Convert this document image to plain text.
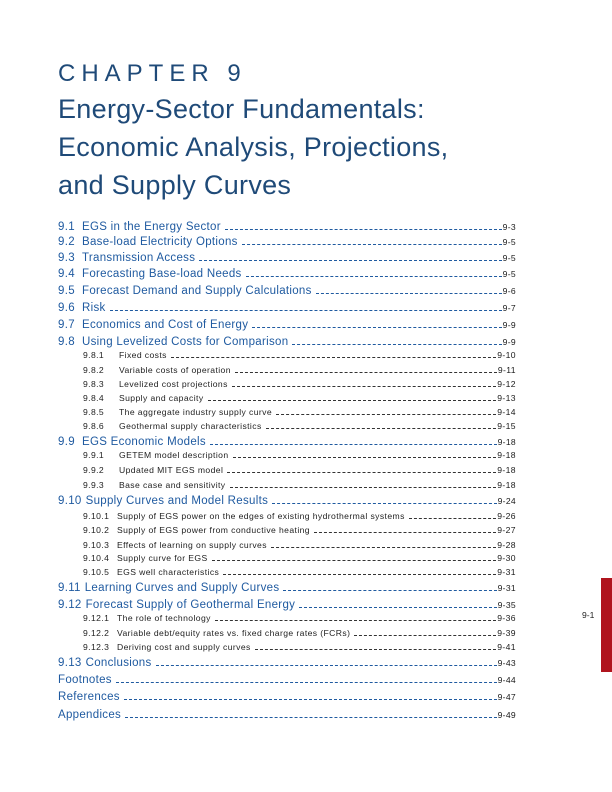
CHAPTER 9
Energy-Sector Fundamentals:
Economic Analysis, Projections,
and Supply Curves
9.1 EGS in the Energy Sector	9-3
9.2 Base-load Electricity Options	9-5
9.3 Transmission Access	9-5
9.4 Forecasting Base-load Needs	9-5
9.5 Forecast Demand and Supply Calculations	9-6
9.6 Risk	9-7
9.7 Economics and Cost of Energy	9-9
9.8 Using Levelized Costs for Comparison	9-9
9.8.1	Fixed costs	9-10
9.8.2	Variable costs of operation	9-11
9.8.3	Levelized cost projections	9-12
9.8.4	Supply and capacity	9-13
9.8.5	The aggregate industry supply curve	9-14
9.8.6	Geothermal supply characteristics	9-15
9.9 EGS Economic Models	9-18
9.9.1	GETEM model description	9-18
9.9.2	Updated MIT EGS model	9-18
9.9.3	Base case and sensitivity	9-18
9.10 Supply Curves and Model Results	9-24
9.10.1 Supply of EGS power on the edges of existing hydrothermal systems	9-26
9.10.2 Supply of EGS power from conductive heating	9-27
9.10.3 Effects of learning on supply curves	9-28
9.10.4 Supply curve for EGS	9-30
9.10.5 EGS well characteristics	9-31
9.11 Learning Curves and Supply Curves	9-31
9.12 Forecast Supply of Geothermal Energy	9-35
9.12.1 The role of technology	9-36
9.12.2 Variable debt/equity rates vs. fixed charge rates (FCRs)	9-39
9.12.3 Deriving cost and supply curves	9-41
9.13 Conclusions	9-43
Footnotes	9-44
References	9-47
Appendices	9-49
9-1
